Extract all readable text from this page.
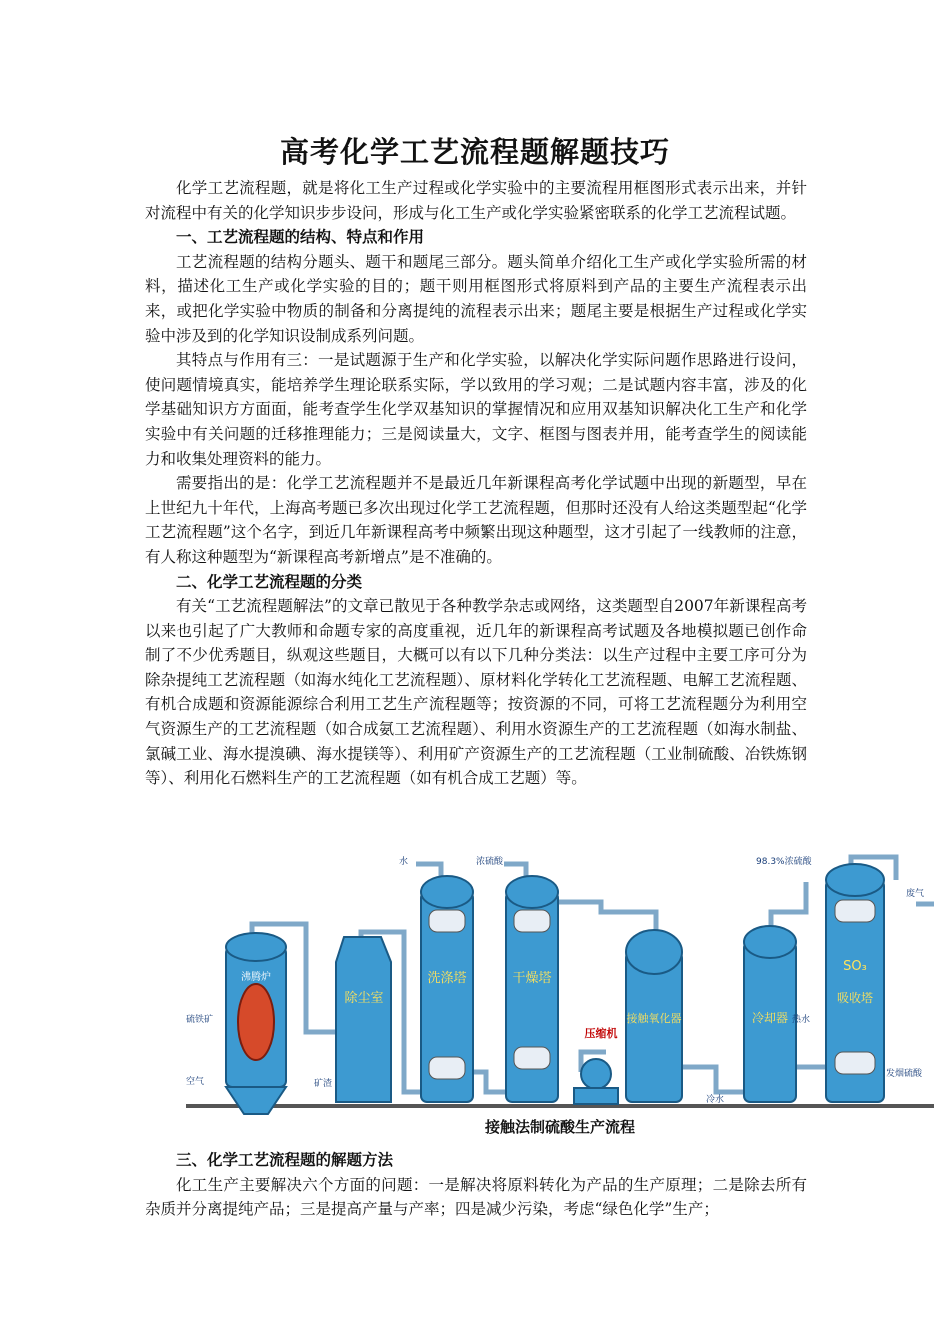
高考化学工艺流程题解题技巧

化学工艺流程题，就是将化工生产过程或化学实验中的主要流程用框图形式表示出来，并针对流程中有关的化学知识步步设问，形成与化工生产或化学实验紧密联系的化学工艺流程试题。

一、工艺流程题的结构、特点和作用

工艺流程题的结构分题头、题干和题尾三部分。题头简单介绍化工生产或化学实验所需的材料，描述化工生产或化学实验的目的；题干则用框图形式将原料到产品的主要生产流程表示出来，或把化学实验中物质的制备和分离提纯的流程表示出来；题尾主要是根据生产过程或化学实验中涉及到的化学知识设制成系列问题。

其特点与作用有三：一是试题源于生产和化学实验，以解决化学实际问题作思路进行设问，使问题情境真实，能培养学生理论联系实际，学以致用的学习观；二是试题内容丰富，涉及的化学基础知识方方面面，能考查学生化学双基知识的掌握情况和应用双基知识解决化工生产和化学实验中有关问题的迁移推理能力；三是阅读量大，文字、框图与图表并用，能考查学生的阅读能力和收集处理资料的能力。

需要指出的是：化学工艺流程题并不是最近几年新课程高考化学试题中出现的新题型，早在上世纪九十年代，上海高考题已多次出现过化学工艺流程题，但那时还没有人给这类题型起“化学工艺流程题”这个名字，到近几年新课程高考中频繁出现这种题型，这才引起了一线教师的注意，有人称这种题型为“新课程高考新增点”是不准确的。

二、化学工艺流程题的分类

有关“工艺流程题解法”的文章已散见于各种教学杂志或网络，这类题型自2007年新课程高考以来也引起了广大教师和命题专家的高度重视，近几年的新课程高考试题及各地模拟题已创作命制了不少优秀题目，纵观这些题目，大概可以有以下几种分类法：以生产过程中主要工序可分为除杂提纯工艺流程题（如海水纯化工艺流程题）、原材料化学转化工艺流程题、电解工艺流程题、有机合成题和资源能源综合利用工艺生产流程题等；按资源的不同，可将工艺流程题分为利用空气资源生产的工艺流程题（如合成氨工艺流程题）、利用水资源生产的工艺流程题（如海水制盐、氯碱工业、海水提溴碘、海水提镁等）、利用矿产资源生产的工艺流程题（工业制硫酸、冶铁炼钢等）、利用化石燃料生产的工艺流程题（如有机合成工艺题）等。

沸腾炉
除尘室
洗涤塔	干燥塔
压缩机
接触氧化器	冷却器
SO₃
吸收塔
水	浓硫酸	98.3%浓硫酸
废气
硫铁矿
空气	矿渣
热水
冷水
发烟硫酸
接触法制硫酸生产流程

三、化学工艺流程题的解题方法

化工生产主要解决六个方面的问题：一是解决将原料转化为产品的生产原理；二是除去所有杂质并分离提纯产品；三是提高产量与产率；四是减少污染，考虑“绿色化学”生产；
